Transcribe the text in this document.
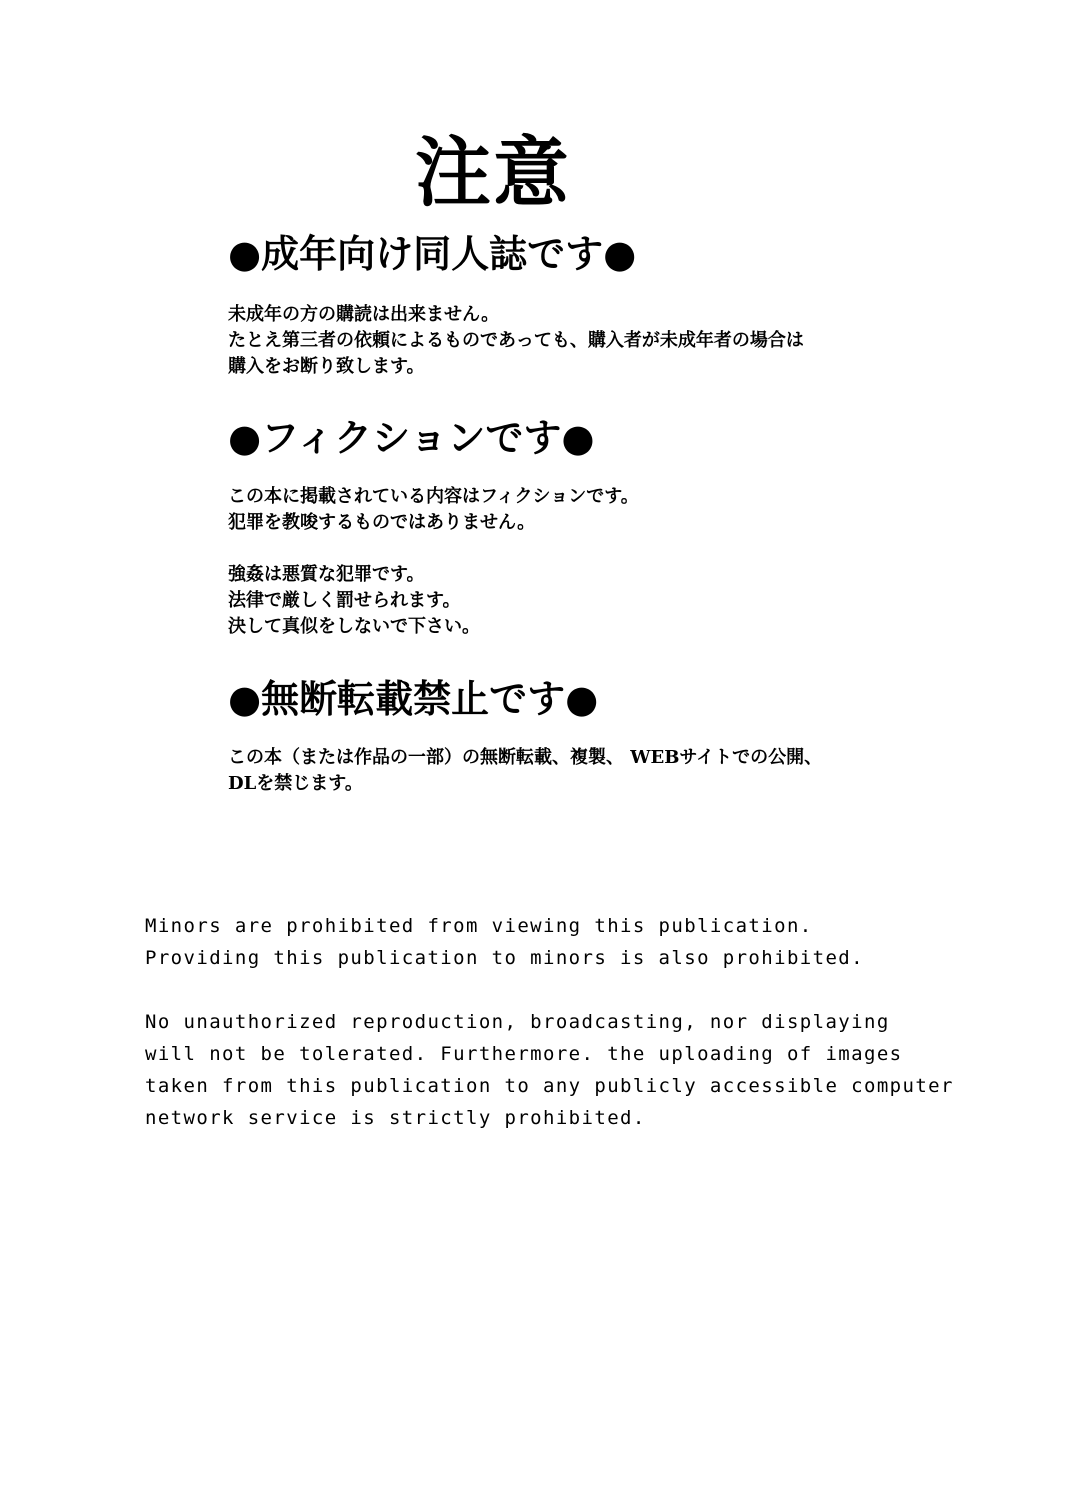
注意
●成年向け同人誌です●
未成年の方の購読は出来ません。
たとえ第三者の依頼によるものであっても、購入者が未成年者の場合は
購入をお断り致します。
●フィクションです●
この本に掲載されている内容はフィクションです。
犯罪を教唆するものではありません。
強姦は悪質な犯罪です。
法律で厳しく罰せられます。
決して真似をしないで下さい。
●無断転載禁止です●
この本（または作品の一部）の無断転載、複製、 WEBサイトでの公開、
DLを禁じます。
Minors are prohibited from viewing this publication.
Providing this publication to minors is also prohibited.
No unauthorized reproduction, broadcasting, nor displaying
will not be tolerated. Furthermore. the uploading of images
taken from this publication to any publicly accessible computer
network service is strictly prohibited.
